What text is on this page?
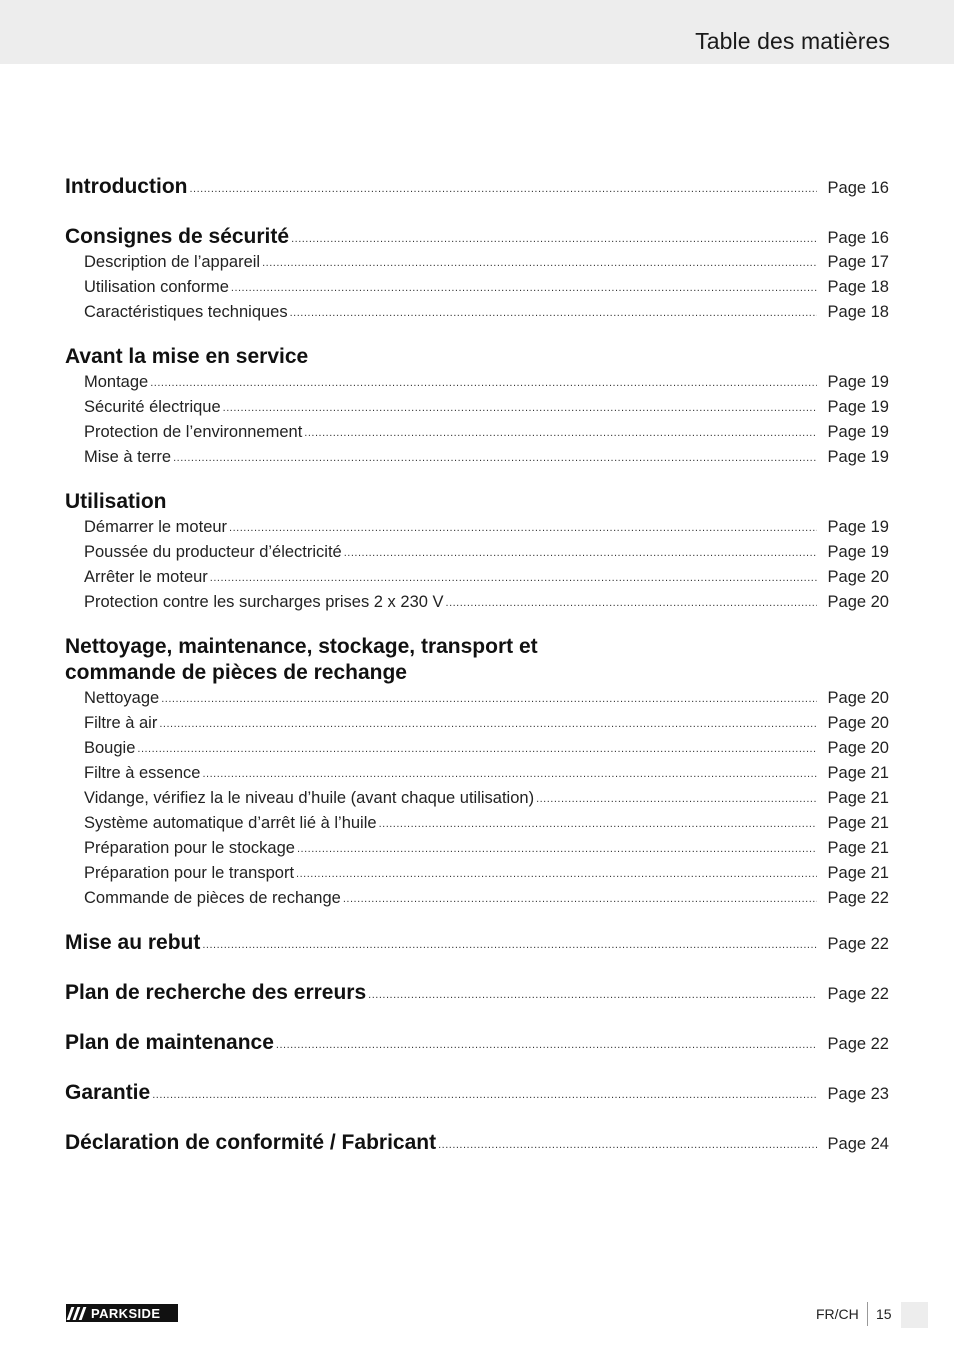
Table des matières
Introduction .....	Page 16
Consignes de sécurité .....	Page 16
Description de l’appareil .....	Page 17
Utilisation conforme .....	Page 18
Caractéristiques techniques .....	Page 18
Avant la mise en service
Montage .....	Page 19
Sécurité électrique .....	Page 19
Protection de l’environnement .....	Page 19
Mise à terre .....	Page 19
Utilisation
Démarrer le moteur .....	Page 19
Poussée du producteur d’électricité .....	Page 19
Arrêter le moteur .....	Page 20
Protection contre les surcharges prises 2 x 230 V .....	Page 20
Nettoyage, maintenance, stockage, transport et
commande de pièces de rechange
Nettoyage .....	Page 20
Filtre à air .....	Page 20
Bougie .....	Page 20
Filtre à essence .....	Page 21
Vidange, vérifiez la le niveau d’huile (avant chaque utilisation) .....	Page 21
Système automatique d’arrêt lié à l’huile .....	Page 21
Préparation pour le stockage .....	Page 21
Préparation pour le transport .....	Page 21
Commande de pièces de rechange .....	Page 22
Mise au rebut .....	Page 22
Plan de recherche des erreurs .....	Page 22
Plan de maintenance .....	Page 22
Garantie .....	Page 23
Déclaration de conformité / Fabricant .....	Page 24
PARKSIDE	FR/CH 15
